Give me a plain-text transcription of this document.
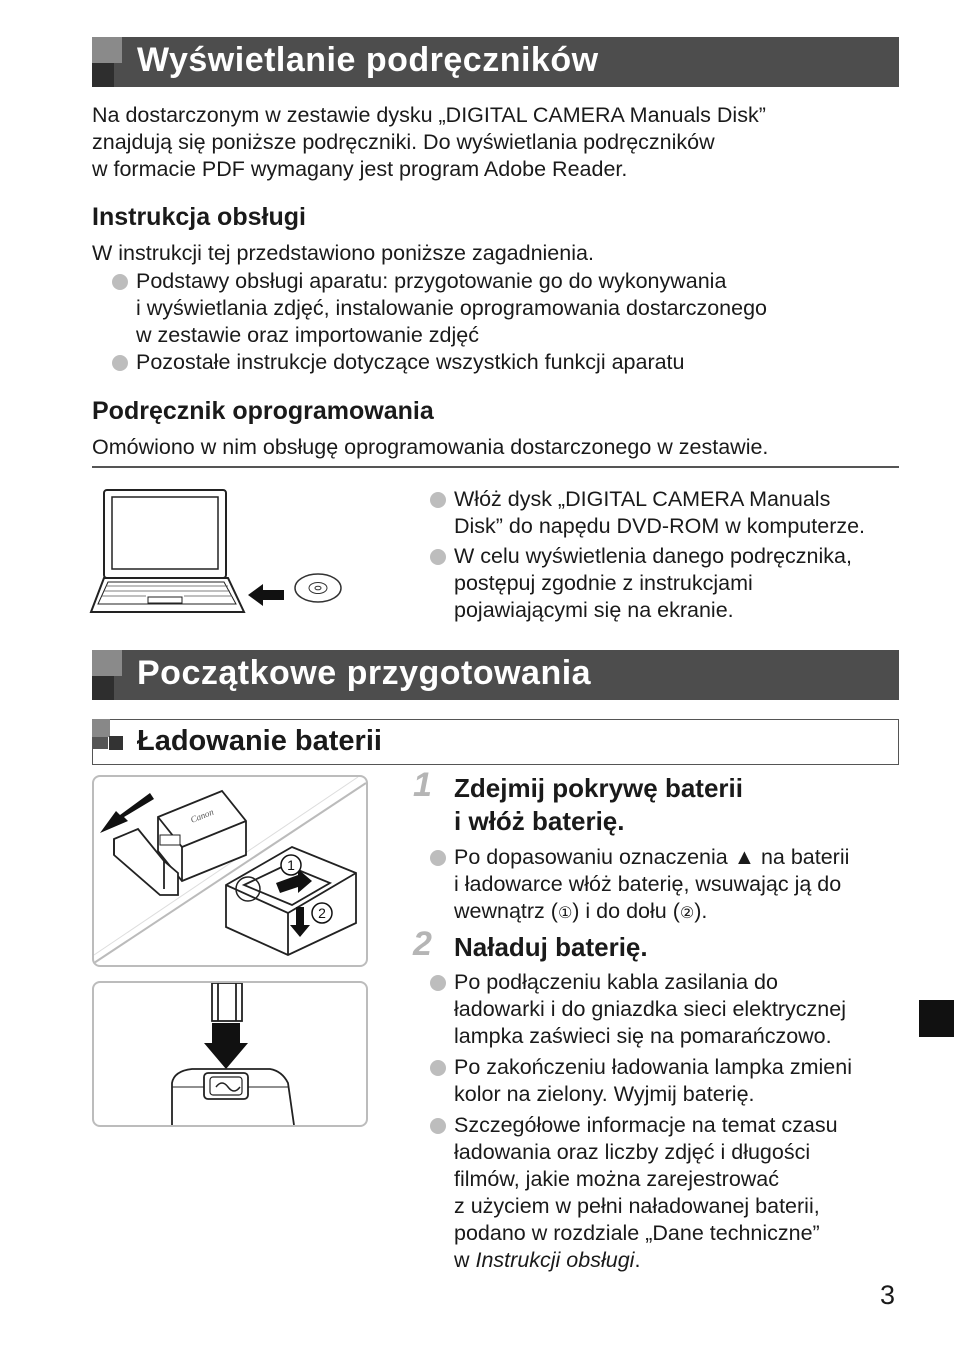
Wyświetlanie podręczników
Na dostarczonym w zestawie dysku „DIGITAL CAMERA Manuals Disk”
znajdują się poniższe podręczniki. Do wyświetlania podręczników
w formacie PDF wymagany jest program Adobe Reader.
Instrukcja obsługi
W instrukcji tej przedstawiono poniższe zagadnienia.
Podstawy obsługi aparatu: przygotowanie go do wykonywania
i wyświetlania zdjęć, instalowanie oprogramowania dostarczonego
w zestawie oraz importowanie zdjęć
Pozostałe instrukcje dotyczące wszystkich funkcji aparatu
Podręcznik oprogramowania
Omówiono w nim obsługę oprogramowania dostarczonego w zestawie.
Włóż dysk „DIGITAL CAMERA Manuals
Disk” do napędu DVD-ROM w komputerze.
W celu wyświetlenia danego podręcznika,
postępuj zgodnie z instrukcjami
pojawiającymi się na ekranie.
Początkowe przygotowania
Ładowanie baterii
Canon
1
2
1 Zdejmij pokrywę baterii
i włóż baterię.
Po dopasowaniu oznaczenia ▲ na baterii
i ładowarce włóż baterię, wsuwając ją do
wewnątrz (①) i do dołu (②).
2 Naładuj baterię.
Po podłączeniu kabla zasilania do
ładowarki i do gniazdka sieci elektrycznej
lampka zaświeci się na pomarańczowo.
Po zakończeniu ładowania lampka zmieni
kolor na zielony. Wyjmij baterię.
Szczegółowe informacje na temat czasu
ładowania oraz liczby zdjęć i długości
filmów, jakie można zarejestrować
z użyciem w pełni naładowanej baterii,
podano w rozdziale „Dane techniczne”
w Instrukcji obsługi.
3
